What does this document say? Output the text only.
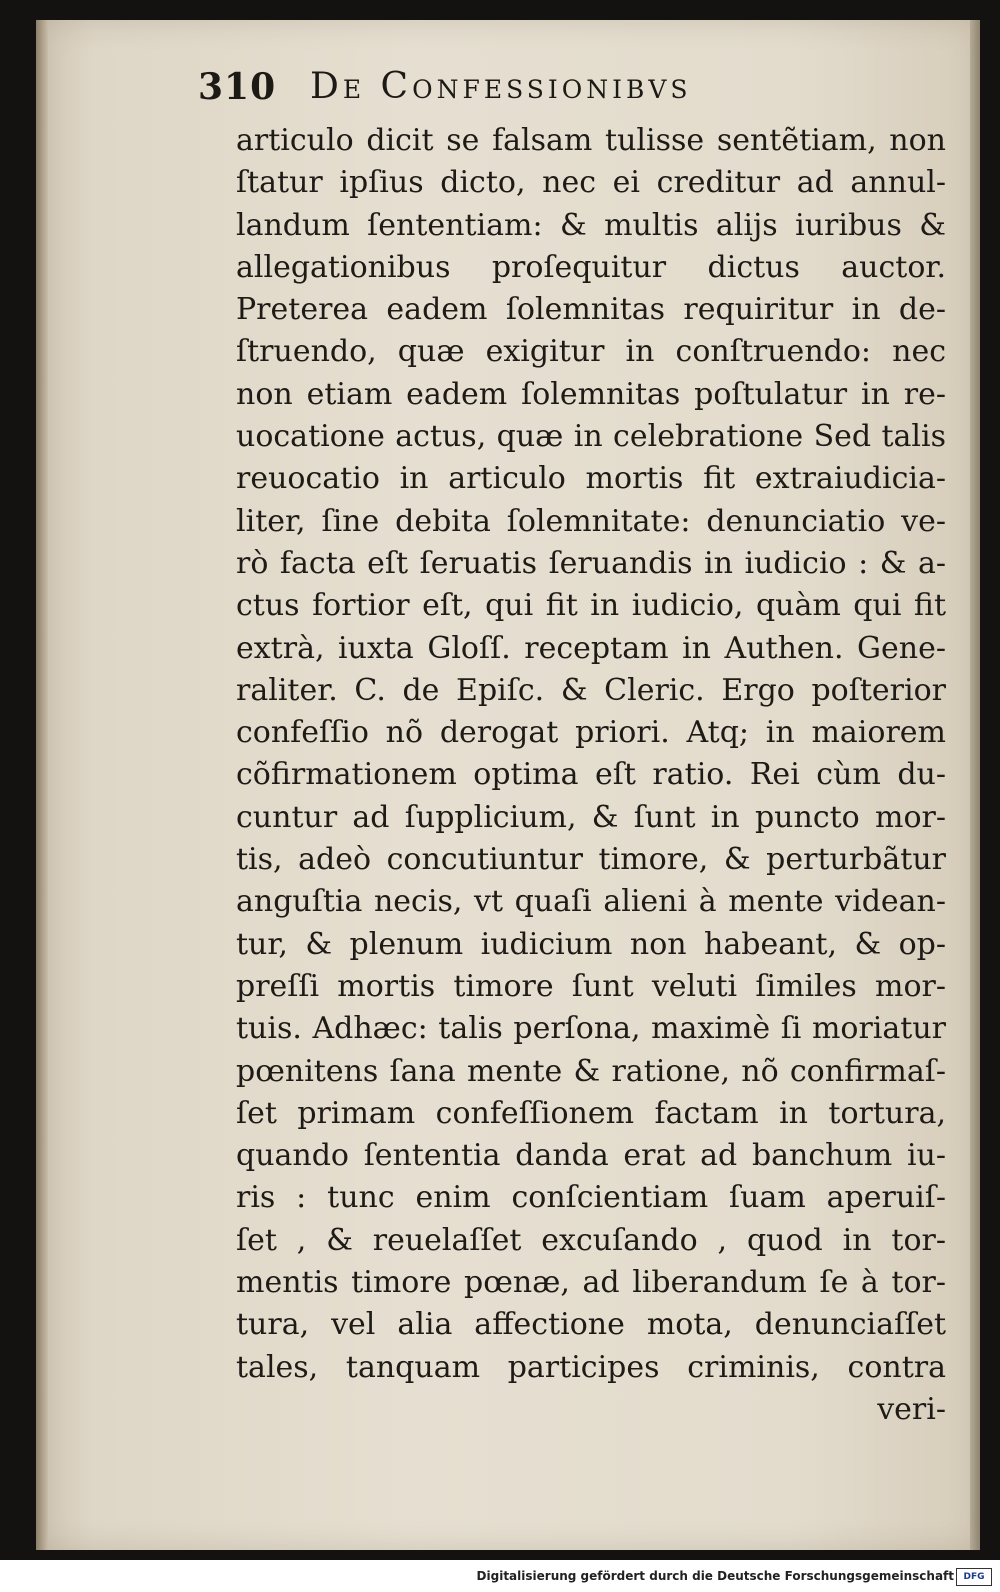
310 De Confessionibvs
articulo dicit se falsam tulisse sentẽtiam, non
ſtatur ipſius dicto, nec ei creditur ad annul-
landum ſententiam: & multis alijs iuribus &
allegationibus proſequitur dictus auctor.
Preterea eadem ſolemnitas requiritur in de-
ſtruendo, quæ exigitur in conſtruendo: nec
non etiam eadem ſolemnitas poſtulatur in re-
uocatione actus, quæ in celebratione Sed talis
reuocatio in articulo mortis fit extraiudicia-
liter, ſine debita ſolemnitate: denunciatio ve-
rò facta eſt ſeruatis ſeruandis in iudicio : & a-
ctus fortior eſt, qui fit in iudicio, quàm qui fit
extrà, iuxta Gloſſ. receptam in Authen. Gene-
raliter. C. de Epiſc. & Cleric. Ergo poſterior
confeſſio nõ derogat priori. Atq; in maiorem
cõfirmationem optima eſt ratio. Rei cùm du-
cuntur ad ſupplicium, & ſunt in puncto mor-
tis, adeò concutiuntur timore, & perturbãtur
anguſtia necis, vt quaſi alieni à mente videan-
tur, & plenum iudicium non habeant, & op-
preſſi mortis timore ſunt veluti ſimiles mor-
tuis. Adhæc: talis perſona, maximè ſi moriatur
pœnitens ſana mente & ratione, nõ confirmaſ-
ſet primam confeſſionem factam in tortura,
quando ſententia danda erat ad banchum iu-
ris : tunc enim conſcientiam ſuam aperuiſ-
ſet , & reuelaſſet excuſando , quod in tor-
mentis timore pœnæ, ad liberandum ſe à tor-
tura, vel alia affectione mota, denunciaſſet
tales, tanquam participes criminis, contra
veri-
Digitalisierung gefördert durch die Deutsche Forschungsgemeinschaft	DFG
